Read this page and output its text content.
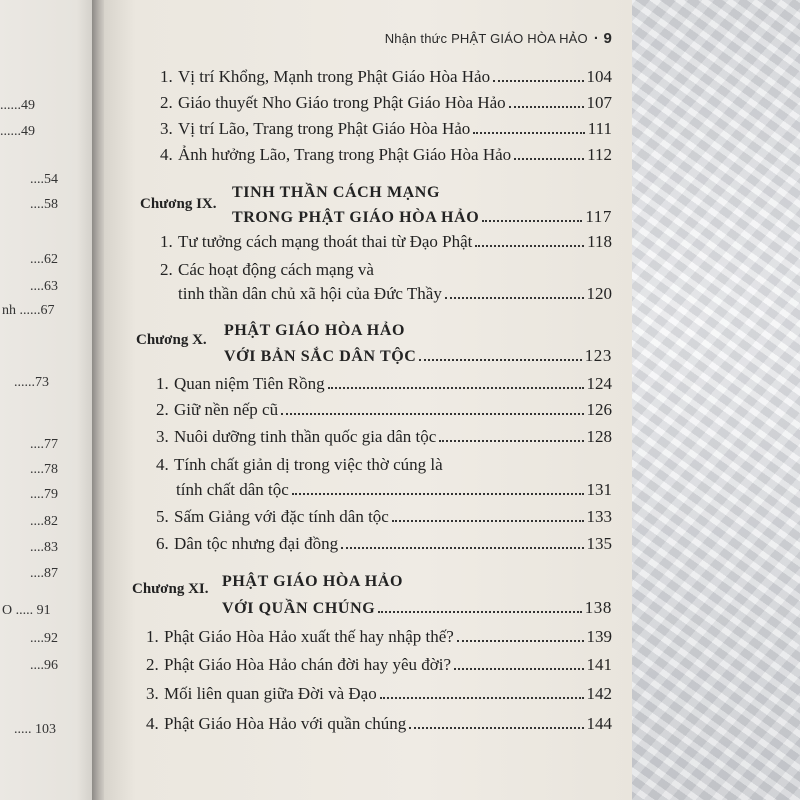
......49
......49
....54
....58
....62
....63
nh ......67
......73
....77
....78
....79
....82
....83
....87
O ..... 91
....92
....96
..... 103
Nhận thức PHẬT GIÁO HÒA HẢO · 9
1. Vị trí Khổng, Mạnh trong Phật Giáo Hòa Hảo	104
2. Giáo thuyết Nho Giáo trong Phật Giáo Hòa Hảo	107
3. Vị trí Lão, Trang trong Phật Giáo Hòa Hảo	111
4. Ảnh hưởng Lão, Trang trong Phật Giáo Hòa Hảo	112
Chương IX.
TINH THẦN CÁCH MẠNG
TRONG PHẬT GIÁO HÒA HẢO	117
1. Tư tưởng cách mạng thoát thai từ Đạo Phật	118
2. Các hoạt động cách mạng và
tinh thần dân chủ xã hội của Đức Thầy	120
Chương X.
PHẬT GIÁO HÒA HẢO
VỚI BẢN SẮC DÂN TỘC	123
1. Quan niệm Tiên Rồng	124
2. Giữ nền nếp cũ	126
3. Nuôi dưỡng tinh thần quốc gia dân tộc	128
4. Tính chất giản dị trong việc thờ cúng là
tính chất dân tộc	131
5. Sấm Giảng với đặc tính dân tộc	133
6. Dân tộc nhưng đại đồng	135
Chương XI. PHẬT GIÁO HÒA HẢO
VỚI QUẦN CHÚNG	138
1. Phật Giáo Hòa Hảo xuất thế hay nhập thế?	139
2. Phật Giáo Hòa Hảo chán đời hay yêu đời?	141
3. Mối liên quan giữa Đời và Đạo	142
4. Phật Giáo Hòa Hảo với quần chúng	144
